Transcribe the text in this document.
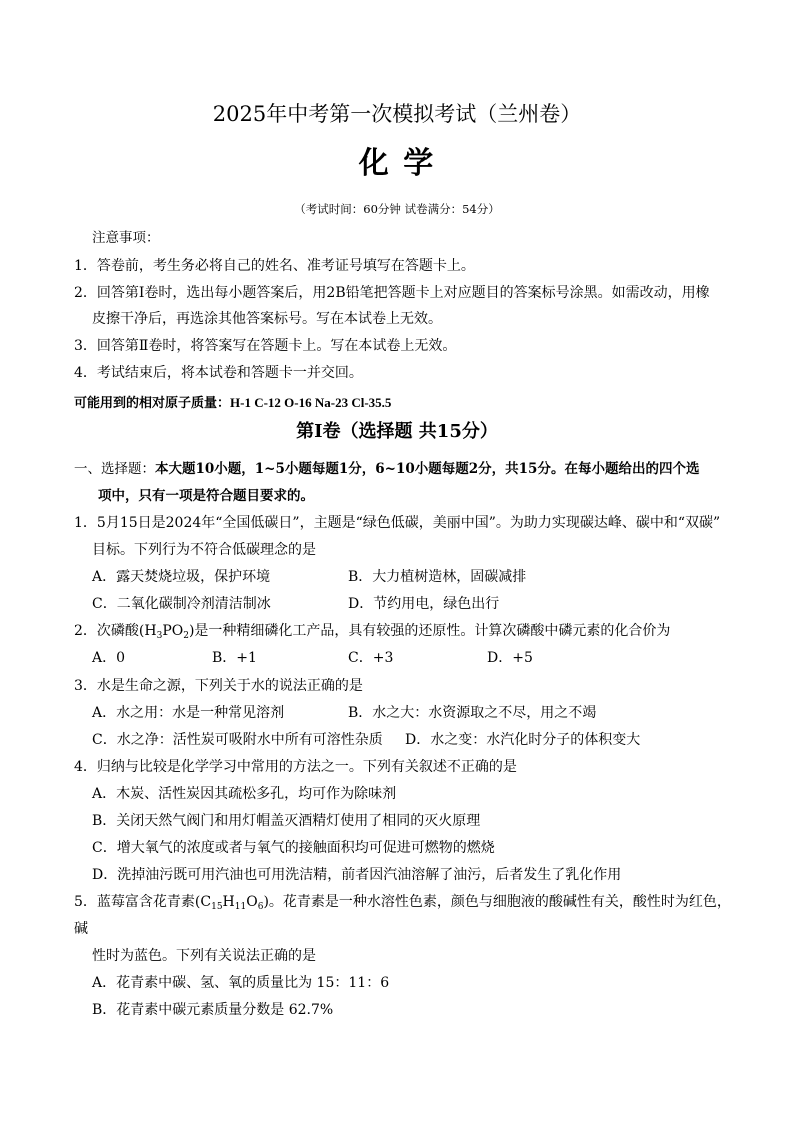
2025年中考第一次模拟考试（兰州卷）
化 学
（考试时间：60分钟 试卷满分：54分）
注意事项：
1．答卷前，考生务必将自己的姓名、准考证号填写在答题卡上。
2．回答第Ⅰ卷时，选出每小题答案后，用2B铅笔把答题卡上对应题目的答案标号涂黑。如需改动，用橡
皮擦干净后，再选涂其他答案标号。写在本试卷上无效。
3．回答第Ⅱ卷时，将答案写在答题卡上。写在本试卷上无效。
4．考试结束后，将本试卷和答题卡一并交回。
可能用到的相对原子质量：H-1 C-12 O-16 Na-23 Cl-35.5
第Ⅰ卷（选择题 共15分）
一、选择题：本大题10小题，1~5小题每题1分，6~10小题每题2分，共15分。在每小题给出的四个选
项中，只有一项是符合题目要求的。
1．5月15日是2024年“全国低碳日”，主题是“绿色低碳，美丽中国”。为助力实现碳达峰、碳中和“双碳”
目标。下列行为不符合低碳理念的是
A．露天焚烧垃圾，保护环境	B．大力植树造林，固碳减排
C．二氧化碳制冷剂清洁制冰	D．节约用电，绿色出行
2．次磷酸$(H_3PO_2)$是一种精细磷化工产品，具有较强的还原性。计算次磷酸中磷元素的化合价为
A．0	B．+1	C．+3	D．+5
3．水是生命之源，下列关于水的说法正确的是
A．水之用：水是一种常见溶剂	B．水之大：水资源取之不尽，用之不竭
C．水之净：活性炭可吸附水中所有可溶性杂质 D．水之变：水汽化时分子的体积变大
4．归纳与比较是化学学习中常用的方法之一。下列有关叙述不正确的是
A．木炭、活性炭因其疏松多孔，均可作为除味剂
B．关闭天然气阀门和用灯帽盖灭酒精灯使用了相同的灭火原理
C．增大氧气的浓度或者与氧气的接触面积均可促进可燃物的燃烧
D．洗掉油污既可用汽油也可用洗洁精，前者因汽油溶解了油污，后者发生了乳化作用
5．蓝莓富含花青素$(C_{15}H_{11}O_6)$。花青素是一种水溶性色素，颜色与细胞液的酸碱性有关，酸性时为红色，
碱
性时为蓝色。下列有关说法正确的是
A．花青素中碳、氢、氧的质量比为 15：11：6
B．花青素中碳元素质量分数是 62.7%
